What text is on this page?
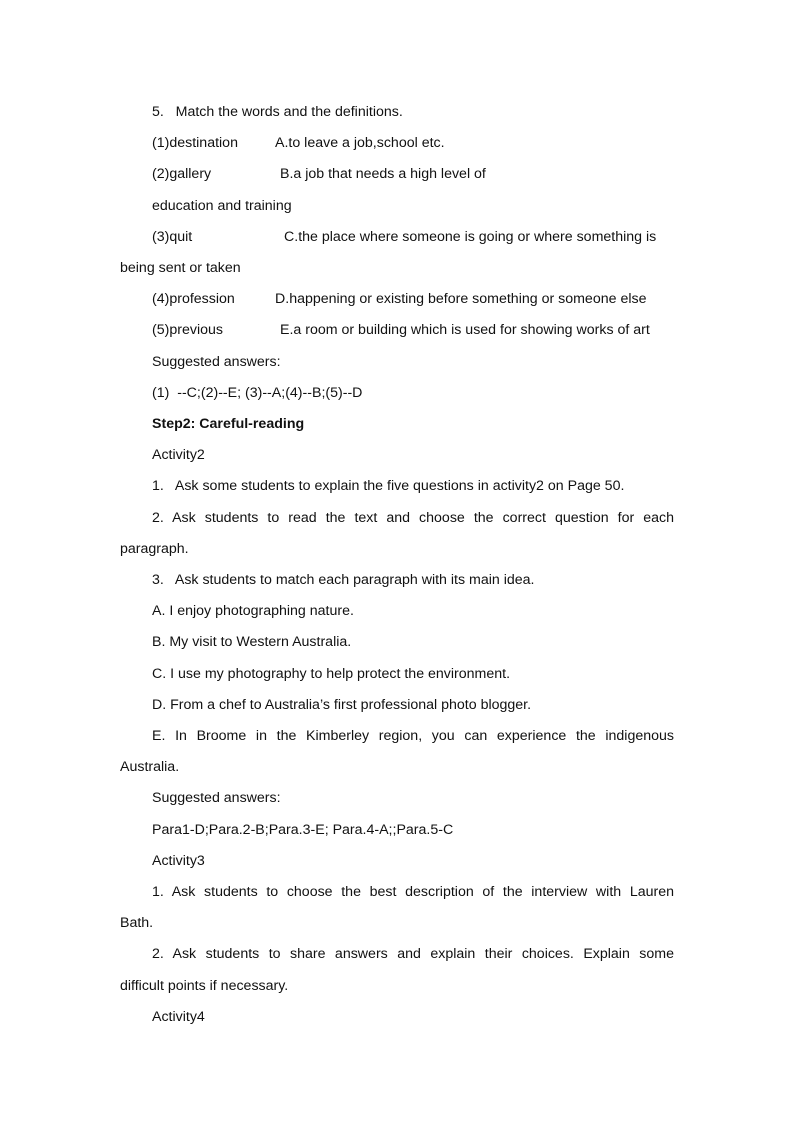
5.   Match the words and the definitions.
(1)destination	A.to leave a job,school etc.
(2)gallery	B.a job that needs a high level of
education and training
(3)quit	C.the place where someone is going or where something is
being sent or taken
(4)profession	D.happening or existing before something or someone else
(5)previous	E.a room or building which is used for showing works of art
Suggested answers:
(1)  --C;(2)--E; (3)--A;(4)--B;(5)--D
Step2: Careful-reading
Activity2
1.   Ask some students to explain the five questions in activity2 on Page 50.
2. Ask students to read the text and choose the correct question for each
paragraph.
3.   Ask students to match each paragraph with its main idea.
A. I enjoy photographing nature.
B. My visit to Western Australia.
C. I use my photography to help protect the environment.
D. From a chef to Australia’s first professional photo blogger.
E. In Broome in the Kimberley region, you can experience the indigenous
Australia.
Suggested answers:
Para1-D;Para.2-B;Para.3-E; Para.4-A;;Para.5-C
Activity3
1. Ask students to choose the best description of the interview with Lauren
Bath.
2. Ask students to share answers and explain their choices. Explain some
difficult points if necessary.
Activity4
